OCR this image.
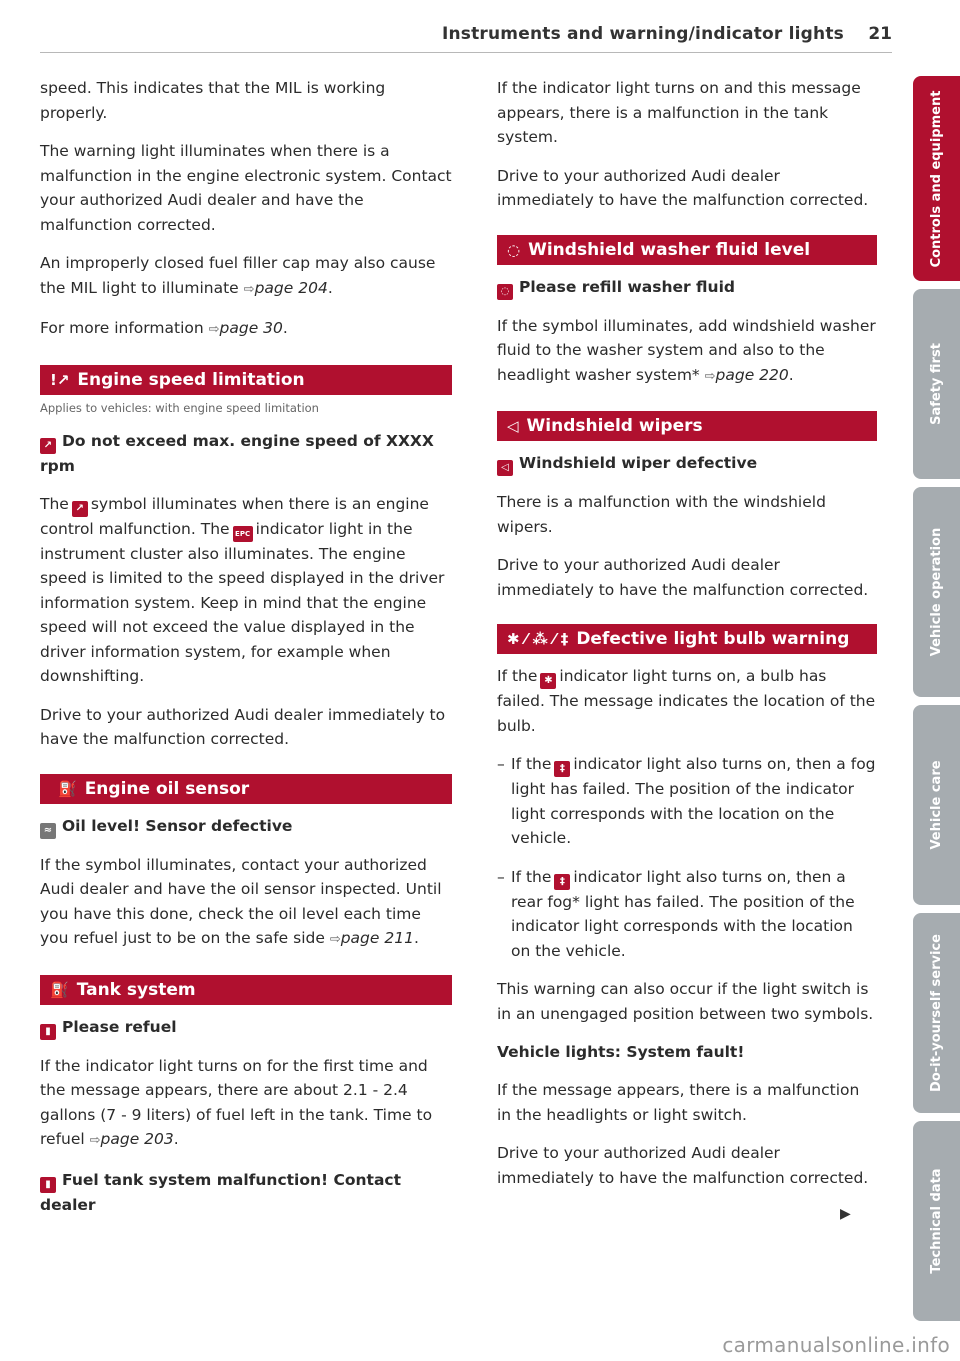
Instruments and warning/indicator lights 21

speed. This indicates that the MIL is working properly.

The warning light illuminates when there is a malfunction in the engine electronic system. Contact your authorized Audi dealer and have the malfunction corrected.

An improperly closed fuel filler cap may also cause the MIL light to illuminate ⇨page 204.

For more information ⇨page 30.

!↗ Engine speed limitation
Applies to vehicles: with engine speed limitation
↗ Do not exceed max. engine speed of XXXX rpm

The ↗ symbol illuminates when there is an engine control malfunction. The EPC indicator light in the instrument cluster also illuminates. The engine speed is limited to the speed displayed in the driver information system. Keep in mind that the engine speed will not exceed the value displayed in the driver information system, for example when downshifting.

Drive to your authorized Audi dealer immediately to have the malfunction corrected.

⛽ Engine oil sensor
≈ Oil level! Sensor defective

If the symbol illuminates, contact your authorized Audi dealer and have the oil sensor inspected. Until you have this done, check the oil level each time you refuel just to be on the safe side ⇨page 211.

⛽ Tank system
▮ Please refuel

If the indicator light turns on for the first time and the message appears, there are about 2.1 - 2.4 gallons (7 - 9 liters) of fuel left in the tank. Time to refuel ⇨page 203.

▮ Fuel tank system malfunction! Contact dealer

If the indicator light turns on and this message appears, there is a malfunction in the tank system.

Drive to your authorized Audi dealer immediately to have the malfunction corrected.

◌ Windshield washer fluid level
◌ Please refill washer fluid

If the symbol illuminates, add windshield washer fluid to the washer system and also to the headlight washer system* ⇨page 220.

◁ Windshield wipers
◁ Windshield wiper defective

There is a malfunction with the windshield wipers.

Drive to your authorized Audi dealer immediately to have the malfunction corrected.

✱ ⁄ ⁂ ⁄ ‡ Defective light bulb warning

If the ✱ indicator light turns on, a bulb has failed. The message indicates the location of the bulb.

– If the ‡ indicator light also turns on, then a fog light has failed. The position of the indicator light corresponds with the location on the vehicle.

– If the ‡ indicator light also turns on, then a rear fog* light has failed. The position of the indicator light corresponds with the location on the vehicle.

This warning can also occur if the light switch is in an unengaged position between two symbols.

Vehicle lights: System fault!

If the message appears, there is a malfunction in the headlights or light switch.

Drive to your authorized Audi dealer immediately to have the malfunction corrected.

▶
Controls and equipment
Safety first
Vehicle operation
Vehicle care
Do-it-yourself service
Technical data
carmanualsonline.info
